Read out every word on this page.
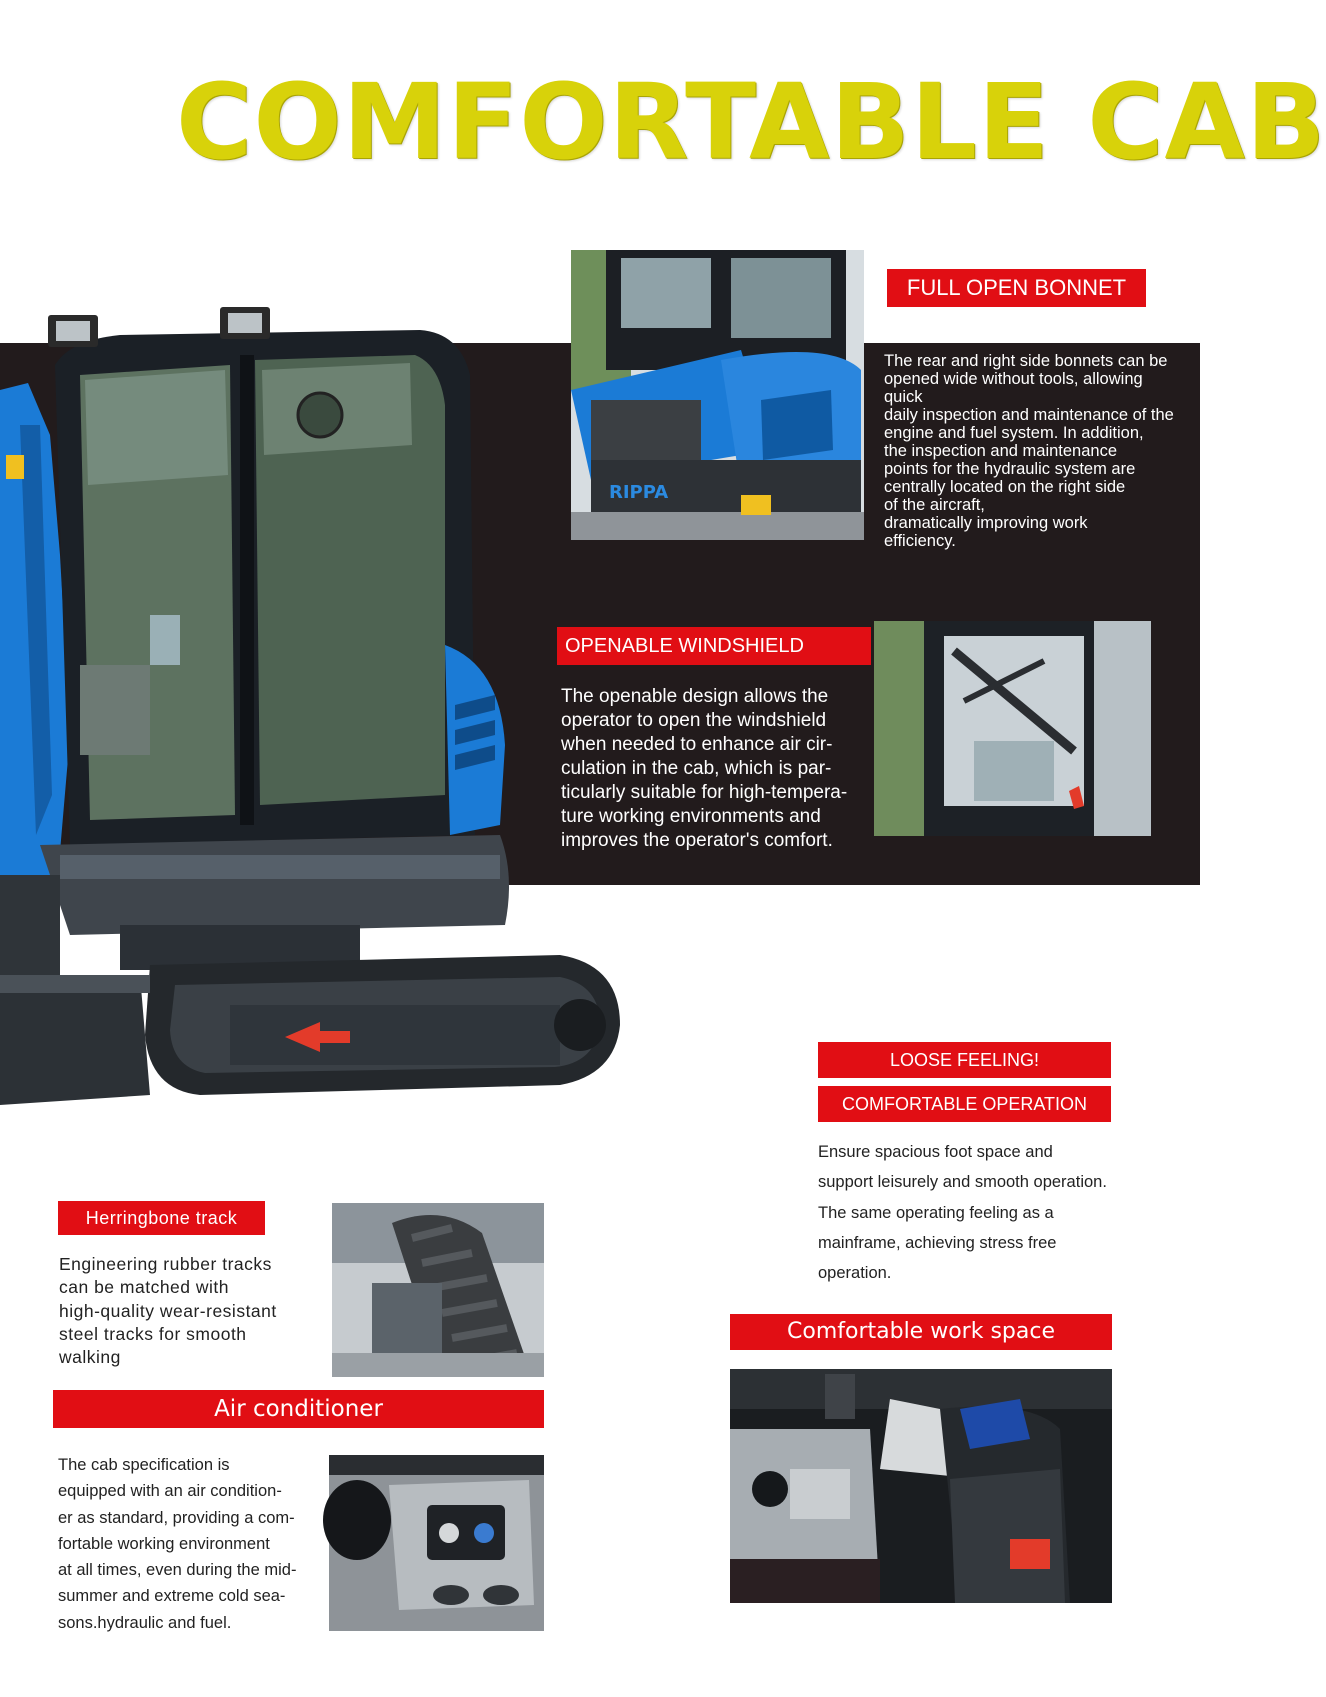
COMFORTABLE CAB
RIPPA
FULL OPEN BONNET
The rear and right side bonnets can be
opened wide without tools, allowing quick
daily inspection and maintenance of the
engine and fuel system. In addition,
the inspection and maintenance
points for the hydraulic system are
centrally located on the right side
of the aircraft,
dramatically improving work
efficiency.
OPENABLE WINDSHIELD
The openable design allows the
operator to open the windshield
when needed to enhance air cir-
culation in the cab, which is par-
ticularly suitable for high-tempera-
ture working environments and
improves the operator's comfort.
LOOSE FEELING!
COMFORTABLE OPERATION
Ensure spacious foot space and
support leisurely and smooth operation.
The same operating feeling as a
mainframe, achieving stress free
operation.
Herringbone track
Engineering rubber tracks
can be matched with
high-quality wear-resistant
steel tracks for smooth
walking
Comfortable work space
Air conditioner
The cab specification is
equipped with an air condition-
er as standard, providing a com-
fortable working environment
at all times, even during the mid-
summer and extreme cold sea-
sons.hydraulic and fuel.
